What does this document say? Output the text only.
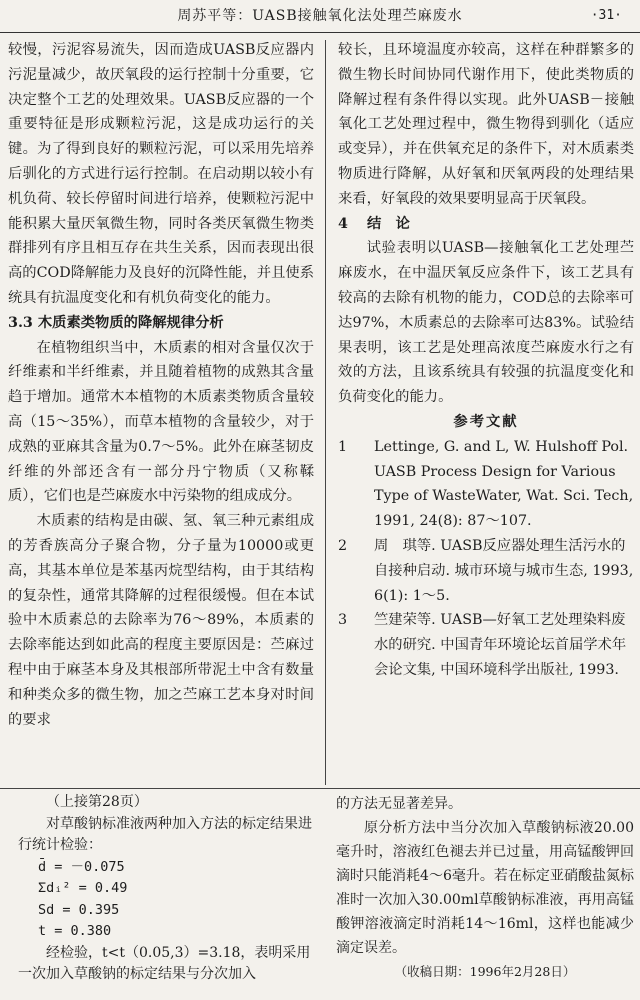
周苏平等：UASB接触氧化法处理苎麻废水	·31·

较慢，污泥容易流失，因而造成UASB反应器内污泥量减少，故厌氧段的运行控制十分重要，它决定整个工艺的处理效果。UASB反应器的一个重要特征是形成颗粒污泥，这是成功运行的关键。为了得到良好的颗粒污泥，可以采用先培养后驯化的方式进行运行控制。在启动期以较小有机负荷、较长停留时间进行培养，使颗粒污泥中能积累大量厌氧微生物，同时各类厌氧微生物类群排列有序且相互存在共生关系，因而表现出很高的COD降解能力及良好的沉降性能，并且使系统具有抗温度变化和有机负荷变化的能力。

3.3 木质素类物质的降解规律分析

在植物组织当中，木质素的相对含量仅次于纤维素和半纤维素，并且随着植物的成熟其含量趋于增加。通常木本植物的木质素类物质含量较高（15～35%），而草本植物的含量较少，对于成熟的亚麻其含量为0.7～5%。此外在麻茎韧皮纤维的外部还含有一部分丹宁物质（又称鞣质），它们也是苎麻废水中污染物的组成成分。

木质素的结构是由碳、氢、氧三种元素组成的芳香族高分子聚合物，分子量为10000或更高，其基本单位是苯基丙烷型结构，由于其结构的复杂性，通常其降解的过程很缓慢。但在本试验中木质素总的去除率为76～89%，本质素的去除率能达到如此高的程度主要原因是：苎麻过程中由于麻茎本身及其根部所带泥土中含有数量和种类众多的微生物，加之苎麻工艺本身对时间的要求

较长，且环境温度亦较高，这样在种群繁多的微生物长时间协同代谢作用下，使此类物质的降解过程有条件得以实现。此外UASB－接触氧化工艺处理过程中，微生物得到驯化（适应或变异），并在供氧充足的条件下，对木质素类物质进行降解，从好氧和厌氧两段的处理结果来看，好氧段的效果要明显高于厌氧段。

4 结　论

试验表明以UASB—接触氧化工艺处理苎麻废水，在中温厌氧反应条件下，该工艺具有较高的去除有机物的能力，COD总的去除率可达97%，木质素总的去除率可达83%。试验结果表明，该工艺是处理高浓度苎麻废水行之有效的方法，且该系统具有较强的抗温度变化和负荷变化的能力。

参考文献

1	Lettinge, G. and L, W. Hulshoff Pol. UASB Process Design for Various Type of WasteWater, Wat. Sci. Tech, 1991, 24(8): 87～107.

2	周　琪等. UASB反应器处理生活污水的自接种启动. 城市环境与城市生态, 1993, 6(1): 1～5.

3	竺建荣等. UASB—好氧工艺处理染料废水的研究. 中国青年环境论坛首届学术年会论文集, 中国环境科学出版社, 1993.

（上接第28页）

对草酸钠标准液两种加入方法的标定结果进行统计检验：

d̄ = －0.075

Σdᵢ² = 0.49

Sd = 0.395

t = 0.380

经检验，t<t（0.05,3）=3.18，表明采用一次加入草酸钠的标定结果与分次加入

的方法无显著差异。

原分析方法中当分次加入草酸钠标液20.00毫升时，溶液红色褪去并已过量，用高锰酸钾回滴时只能消耗4～6毫升。若在标定亚硝酸盐氮标准时一次加入30.00ml草酸钠标准液，再用高锰酸钾溶液滴定时消耗14～16ml，这样也能减少滴定误差。

（收稿日期：1996年2月28日）
